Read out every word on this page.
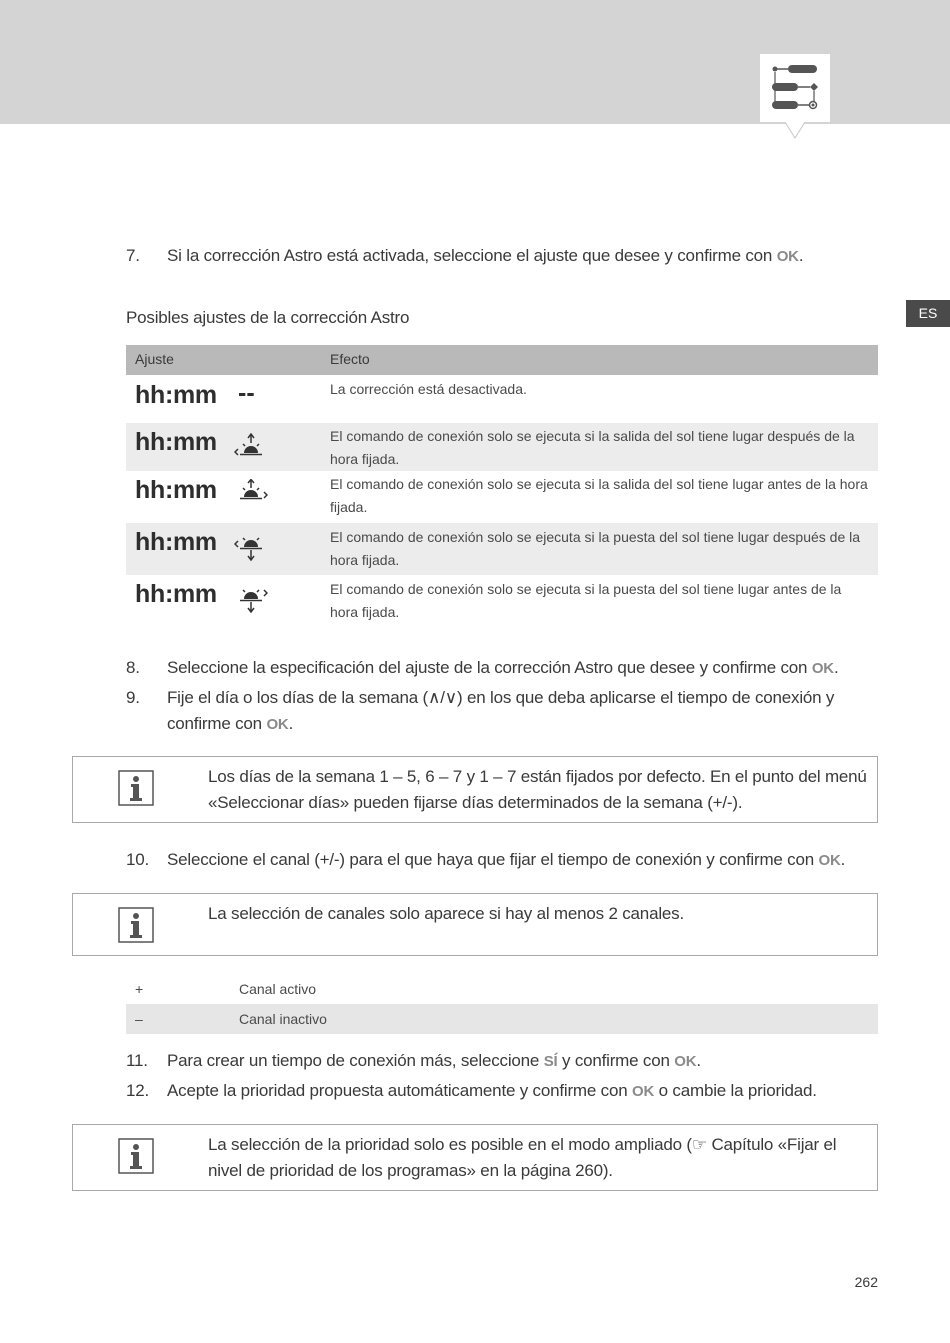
ES
7. Si la corrección Astro está activada, seleccione el ajuste que desee y confirme con OK.
Posibles ajustes de la corrección Astro
Ajuste	Efecto
hh:mm --	La corrección está desactivada.
hh:mm	El comando de conexión solo se ejecuta si la salida del sol tiene lugar después de la hora fijada.
hh:mm	El comando de conexión solo se ejecuta si la salida del sol tiene lugar antes de la hora fijada.
hh:mm	El comando de conexión solo se ejecuta si la puesta del sol tiene lugar después de la hora fijada.
hh:mm	El comando de conexión solo se ejecuta si la puesta del sol tiene lugar antes de la hora fijada.
8. Seleccione la especificación del ajuste de la corrección Astro que desee y confirme con OK.
9. Fije el día o los días de la semana (∧/∨) en los que deba aplicarse el tiempo de conexión y confirme con OK.
Los días de la semana 1 – 5, 6 – 7 y 1 – 7 están fijados por defecto. En el punto del menú «Seleccionar días» pueden fijarse días determinados de la semana (+/-).
10. Seleccione el canal (+/-) para el que haya que fijar el tiempo de conexión y confirme con OK.
La selección de canales solo aparece si hay al menos 2 canales.
+	Canal activo
–	Canal inactivo
11. Para crear un tiempo de conexión más, seleccione SÍ y confirme con OK.
12. Acepte la prioridad propuesta automáticamente y confirme con OK o cambie la prioridad.
La selección de la prioridad solo es posible en el modo ampliado (☞ Capítulo «Fijar el nivel de prioridad de los programas» en la página 260).
262
